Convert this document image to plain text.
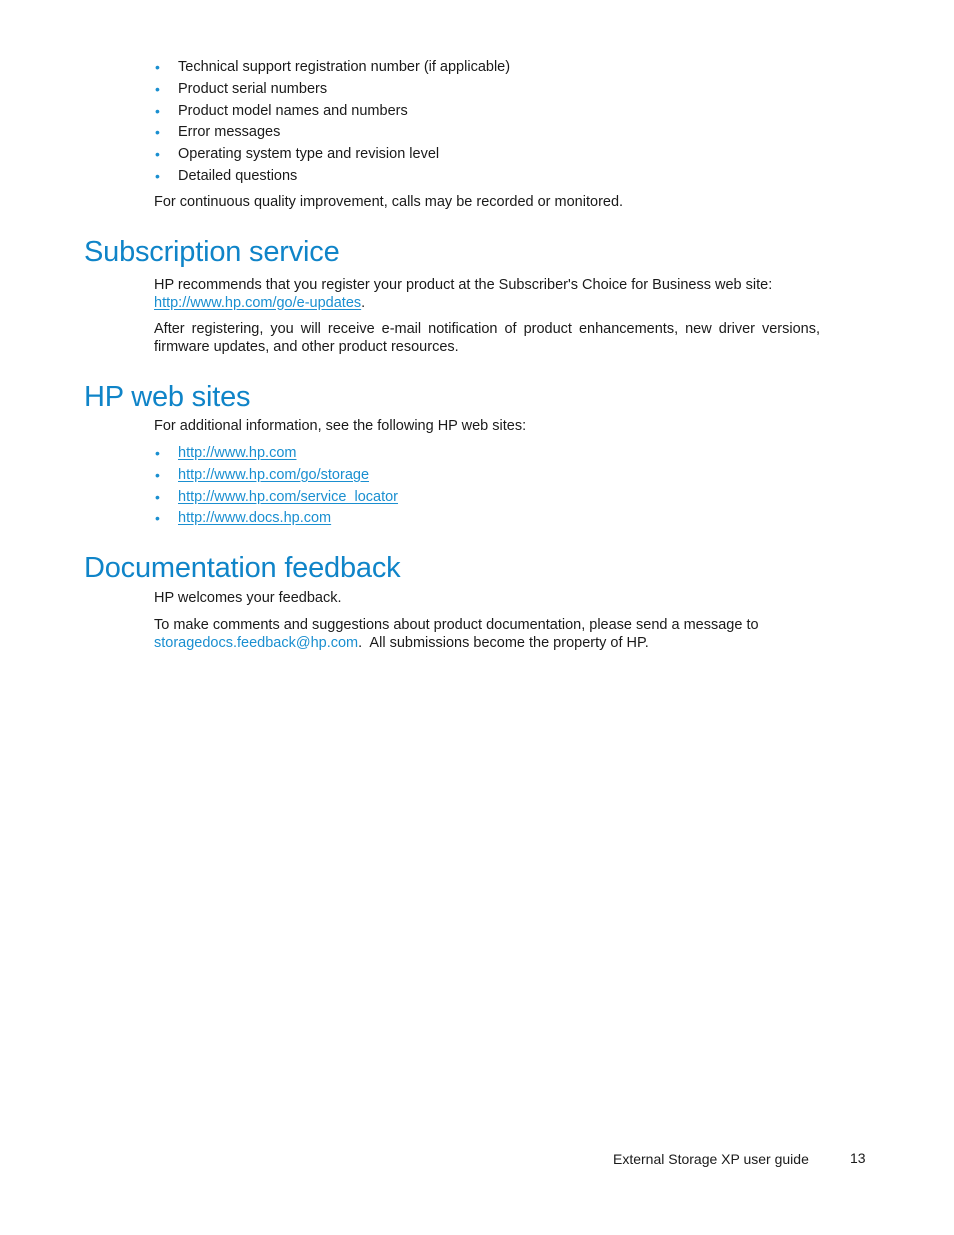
• Technical support registration number (if applicable)
• Product serial numbers
• Product model names and numbers
• Error messages
• Operating system type and revision level
• Detailed questions

For continuous quality improvement, calls may be recorded or monitored.

Subscription service

HP recommends that you register your product at the Subscriber's Choice for Business web site:
http://www.hp.com/go/e-updates.

After registering, you will receive e-mail notification of product enhancements, new driver versions, firmware updates, and other product resources.

HP web sites

For additional information, see the following HP web sites:

• http://www.hp.com
• http://www.hp.com/go/storage
• http://www.hp.com/service_locator
• http://www.docs.hp.com
Documentation feedback

HP welcomes your feedback.

To make comments and suggestions about product documentation, please send a message to
storagedocs.feedback@hp.com.  All submissions become the property of HP.

External Storage XP user guide	13
